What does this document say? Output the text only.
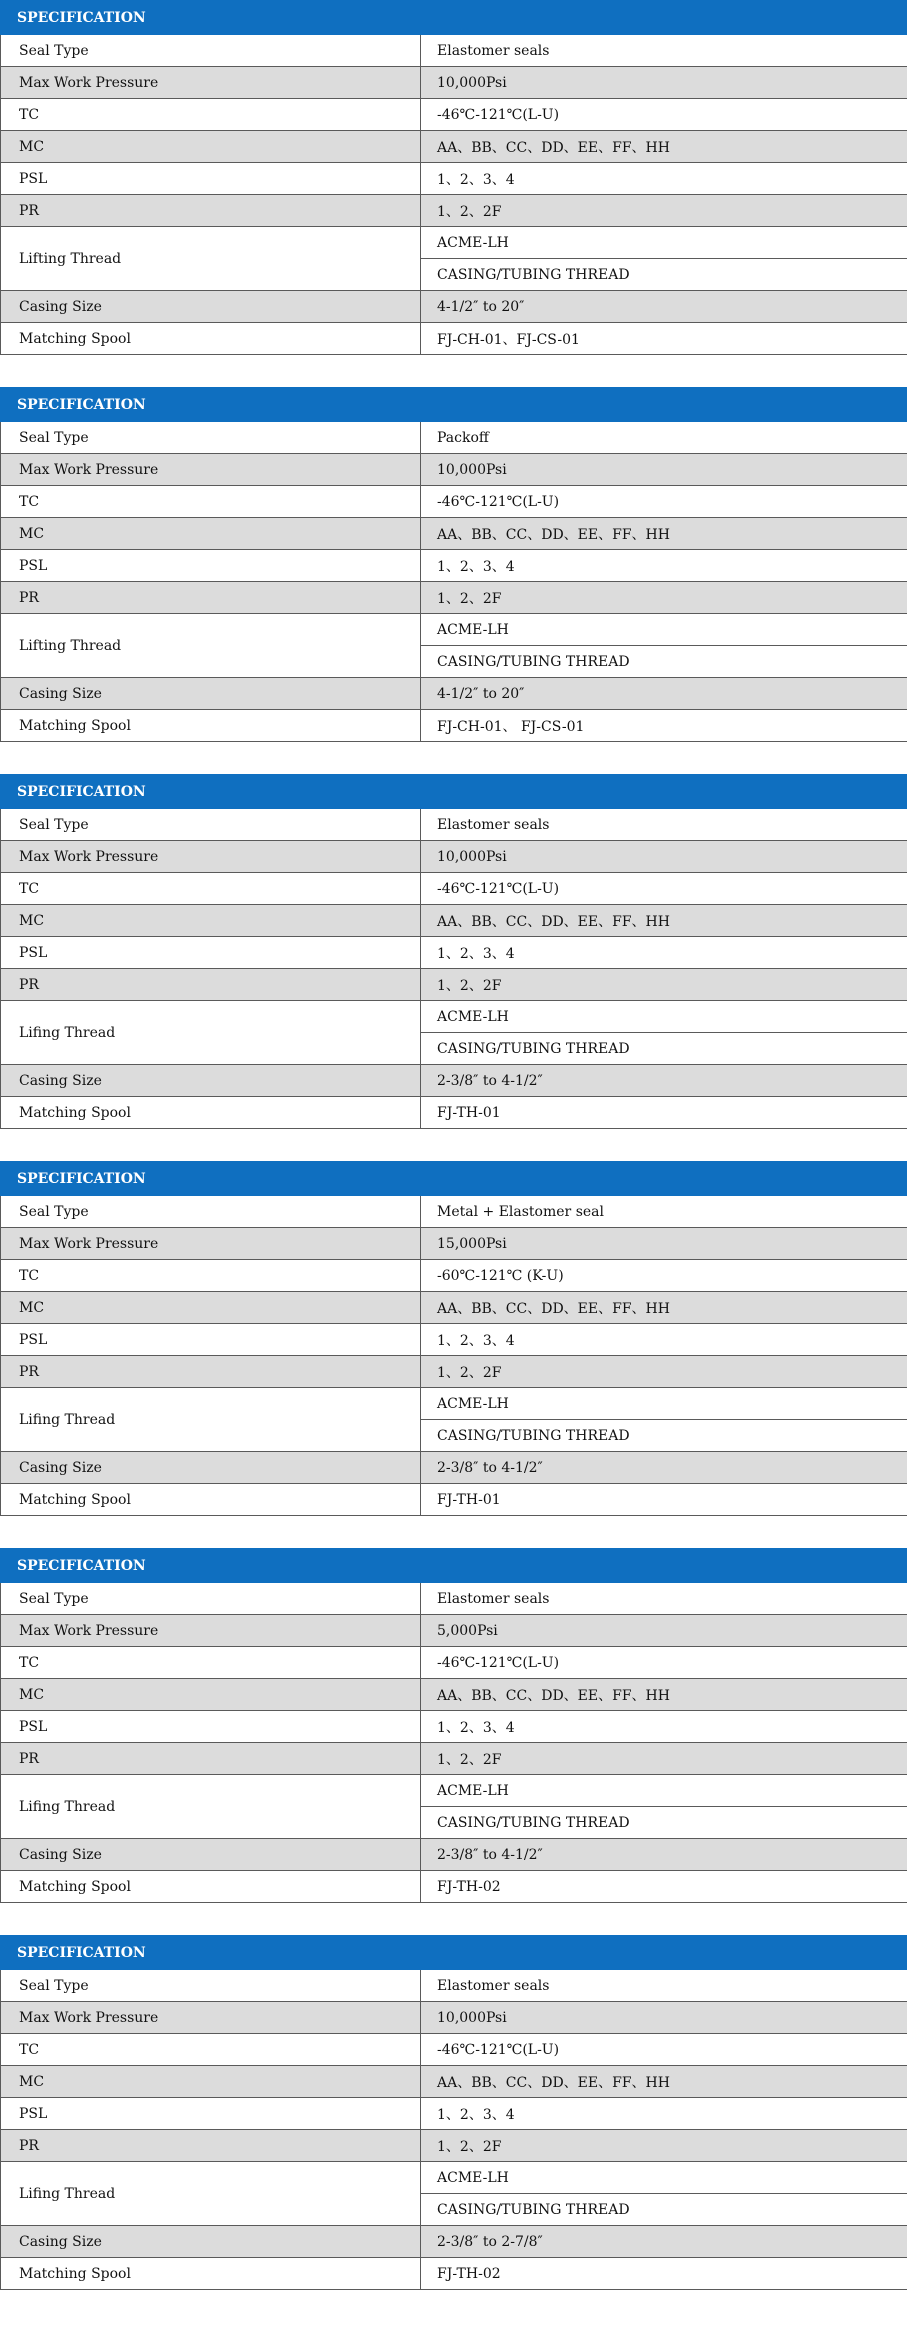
SPECIFICATION	
Seal Type	Elastomer seals
Max Work Pressure	10,000Psi
TC	-46℃-121℃(L-U)
MC	AA、BB、CC、DD、EE、FF、HH
PSL	1、2、3、4
PR	1、2、2F
Lifting Thread	ACME-LH
	CASING/TUBING THREAD
Casing Size	4-1/2″ to 20″
Matching Spool	FJ-CH-01、FJ-CS-01
SPECIFICATION	
Seal Type	Packoff
Max Work Pressure	10,000Psi
TC	-46℃-121℃(L-U)
MC	AA、BB、CC、DD、EE、FF、HH
PSL	1、2、3、4
PR	1、2、2F
Lifting Thread	ACME-LH
	CASING/TUBING THREAD
Casing Size	4-1/2″ to 20″
Matching Spool	FJ-CH-01、 FJ-CS-01
SPECIFICATION	
Seal Type	Elastomer seals
Max Work Pressure	10,000Psi
TC	-46℃-121℃(L-U)
MC	AA、BB、CC、DD、EE、FF、HH
PSL	1、2、3、4
PR	1、2、2F
Lifing Thread	ACME-LH
	CASING/TUBING THREAD
Casing Size	2-3/8″ to 4-1/2″
Matching Spool	FJ-TH-01
SPECIFICATION	
Seal Type	Metal + Elastomer seal
Max Work Pressure	15,000Psi
TC	-60℃-121℃ (K-U)
MC	AA、BB、CC、DD、EE、FF、HH
PSL	1、2、3、4
PR	1、2、2F
Lifing Thread	ACME-LH
	CASING/TUBING THREAD
Casing Size	2-3/8″ to 4-1/2″
Matching Spool	FJ-TH-01
SPECIFICATION	
Seal Type	Elastomer seals
Max Work Pressure	5,000Psi
TC	-46℃-121℃(L-U)
MC	AA、BB、CC、DD、EE、FF、HH
PSL	1、2、3、4
PR	1、2、2F
Lifing Thread	ACME-LH
	CASING/TUBING THREAD
Casing Size	2-3/8″ to 4-1/2″
Matching Spool	FJ-TH-02
SPECIFICATION	
Seal Type	Elastomer seals
Max Work Pressure	10,000Psi
TC	-46℃-121℃(L-U)
MC	AA、BB、CC、DD、EE、FF、HH
PSL	1、2、3、4
PR	1、2、2F
Lifing Thread	ACME-LH
	CASING/TUBING THREAD
Casing Size	2-3/8″ to 2-7/8″
Matching Spool	FJ-TH-02
